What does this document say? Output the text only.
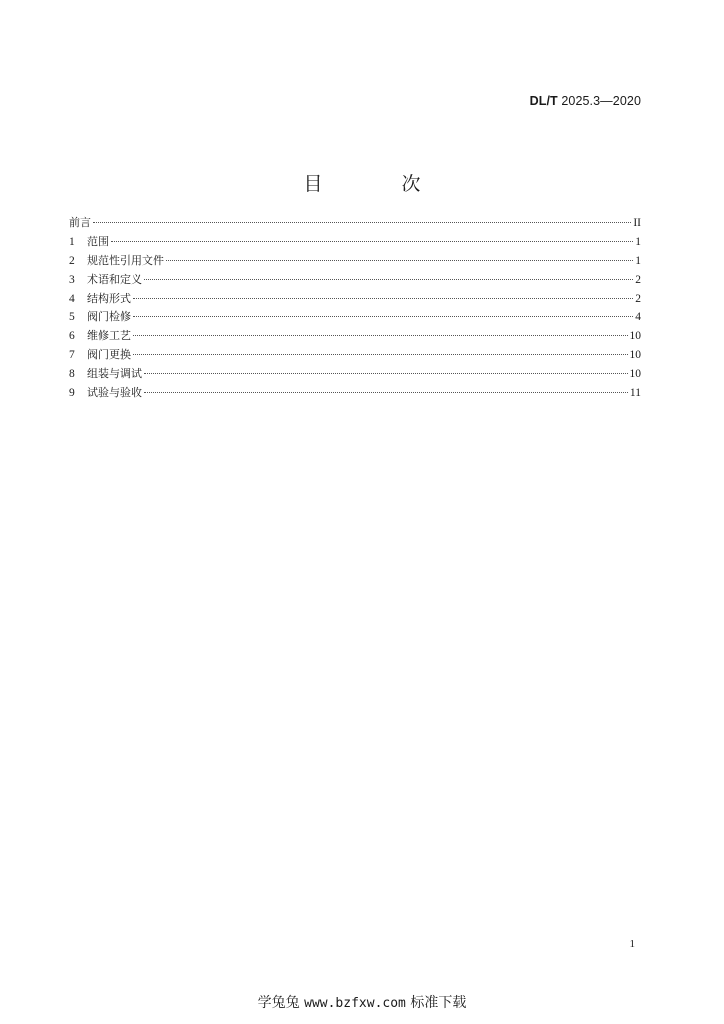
DL/T 2025.3—2020
目　次
前言	II
1	范围	1
2	规范性引用文件	1
3	术语和定义	2
4	结构形式	2
5	阀门检修	4
6	维修工艺	10
7	阀门更换	10
8	组装与调试	10
9	试验与验收	11
1
学兔兔 www.bzfxw.com 标准下载
